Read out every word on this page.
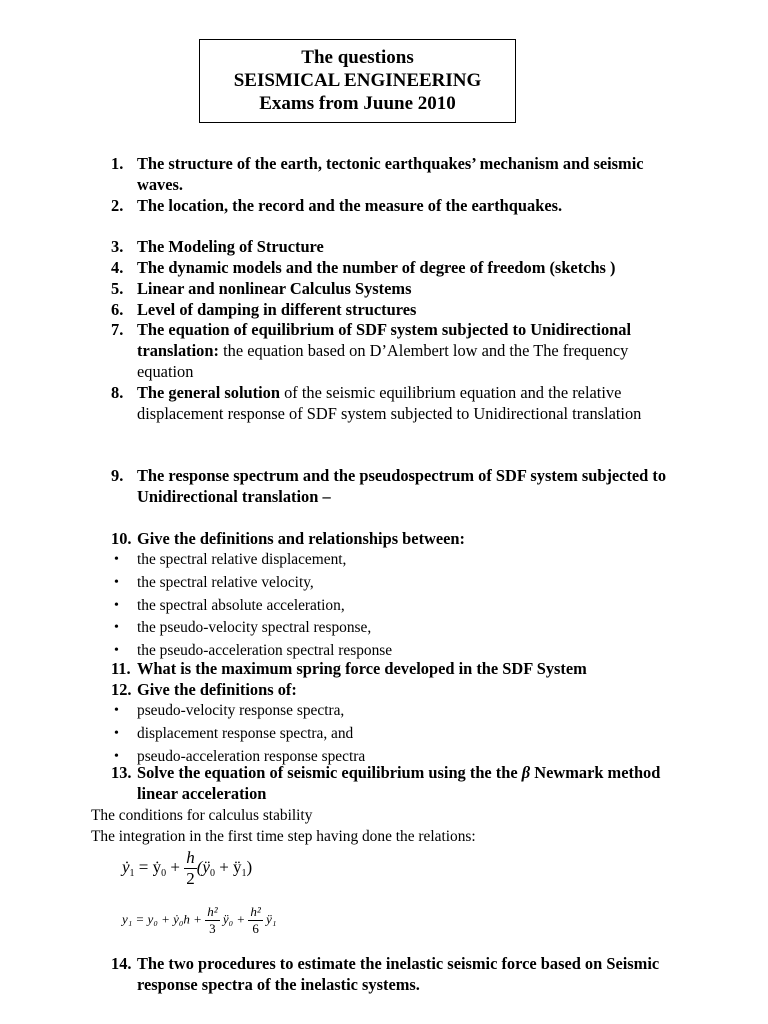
The questions
SEISMICAL ENGINEERING
Exams from Juune 2010
1. The structure of the earth, tectonic earthquakes’ mechanism and seismic waves.
2. The location, the record and the measure of the earthquakes.
3. The Modeling of Structure
4. The dynamic models and the number of degree of freedom (sketchs )
5. Linear and nonlinear Calculus Systems
6. Level of damping in different structures
7. The equation of equilibrium of SDF system subjected to Unidirectional translation: the equation based on D’Alembert low and the The frequency equation
8. The general solution of the seismic equilibrium equation and the relative displacement response of SDF system subjected to Unidirectional translation
9. The response spectrum and the pseudospectrum of SDF system subjected to Unidirectional translation –
10. Give the definitions and relationships between:
• the spectral relative displacement,
• the spectral relative velocity,
• the spectral absolute acceleration,
• the pseudo-velocity spectral response,
• the pseudo-acceleration spectral response
11. What is the maximum spring force developed in the SDF System
12. Give the definitions of:
• pseudo-velocity response spectra,
• displacement response spectra, and
• pseudo-acceleration response spectra
13. Solve the equation of seismic equilibrium using the the β Newmark method linear acceleration
The conditions for calculus stability
The integration in the first time step having done the relations:
ẏ$_1$ = ẏ$_0$ + $\frac{h}{2}$ ($ÿ_0$ + $ÿ_1$)
y₁ = y₀ + ẏ₀h + $\frac{\text{h²}}{3}$ ÿ₀ + $\frac{\text{h²}}{6}$ ÿ₁
14. The two procedures to estimate the inelastic seismic force based on Seismic response spectra of the inelastic systems.
